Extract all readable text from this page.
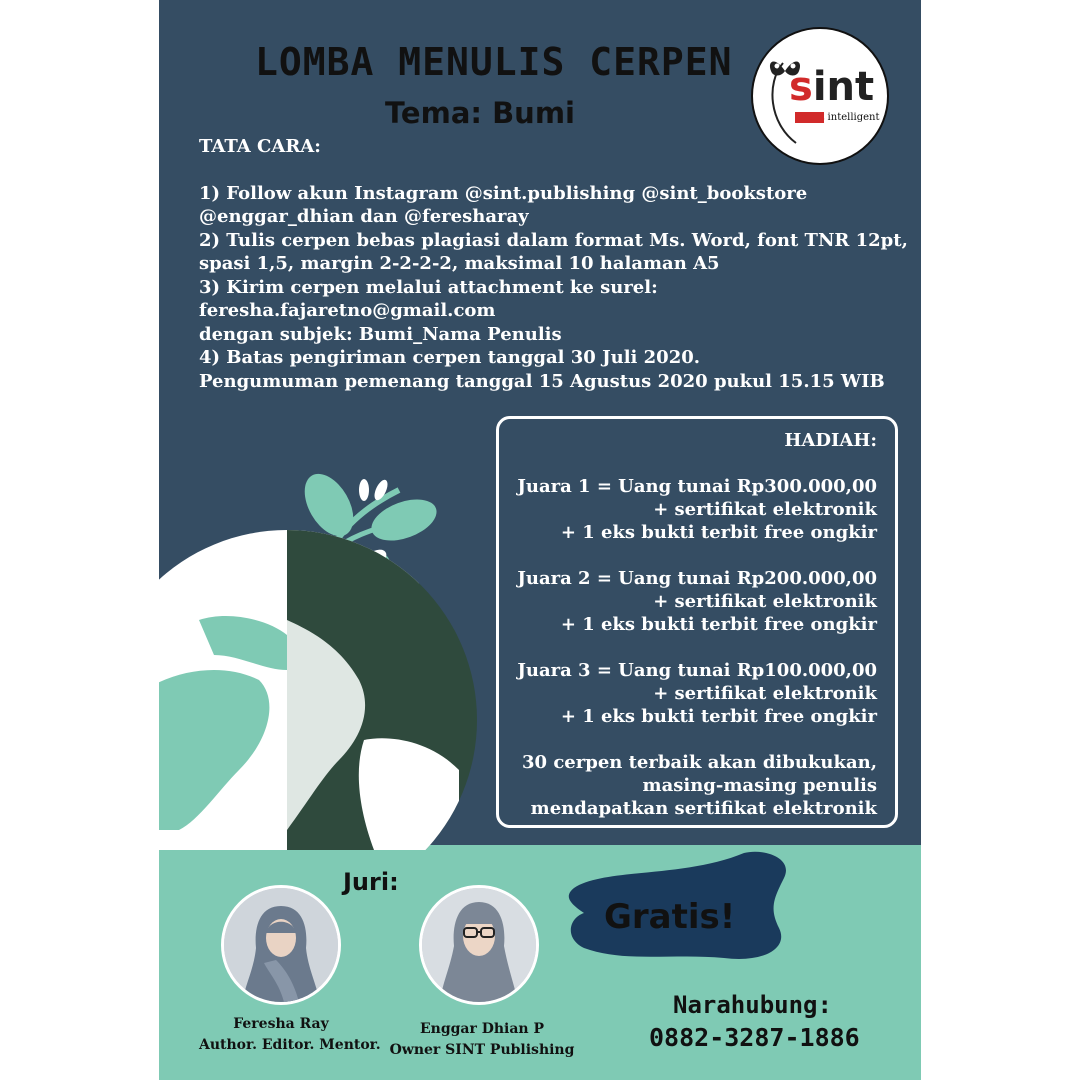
LOMBA MENULIS CERPEN
Tema: Bumi
sint
smart intelligent
TATA CARA:
1) Follow akun Instagram @sint.publishing @sint_bookstore
@enggar_dhian dan @feresharay
2) Tulis cerpen bebas plagiasi dalam format Ms. Word, font TNR 12pt,
spasi 1,5, margin 2-2-2-2, maksimal 10 halaman A5
3) Kirim cerpen melalui attachment ke surel:
feresha.fajaretno@gmail.com
dengan subjek: Bumi_Nama Penulis
4) Batas pengiriman cerpen tanggal 30 Juli 2020.
Pengumuman pemenang tanggal 15 Agustus 2020 pukul 15.15 WIB
HADIAH:
Juara 1 = Uang tunai Rp300.000,00
+ sertifikat elektronik
+ 1 eks bukti terbit free ongkir
Juara 2 = Uang tunai Rp200.000,00
+ sertifikat elektronik
+ 1 eks bukti terbit free ongkir
Juara 3 = Uang tunai Rp100.000,00
+ sertifikat elektronik
+ 1 eks bukti terbit free ongkir
30 cerpen terbaik akan dibukukan,
masing-masing penulis
mendapatkan sertifikat elektronik
Juri:
Feresha Ray
Author. Editor. Mentor.
Enggar Dhian P
Owner SINT Publishing
Gratis!
Narahubung:
0882-3287-1886
